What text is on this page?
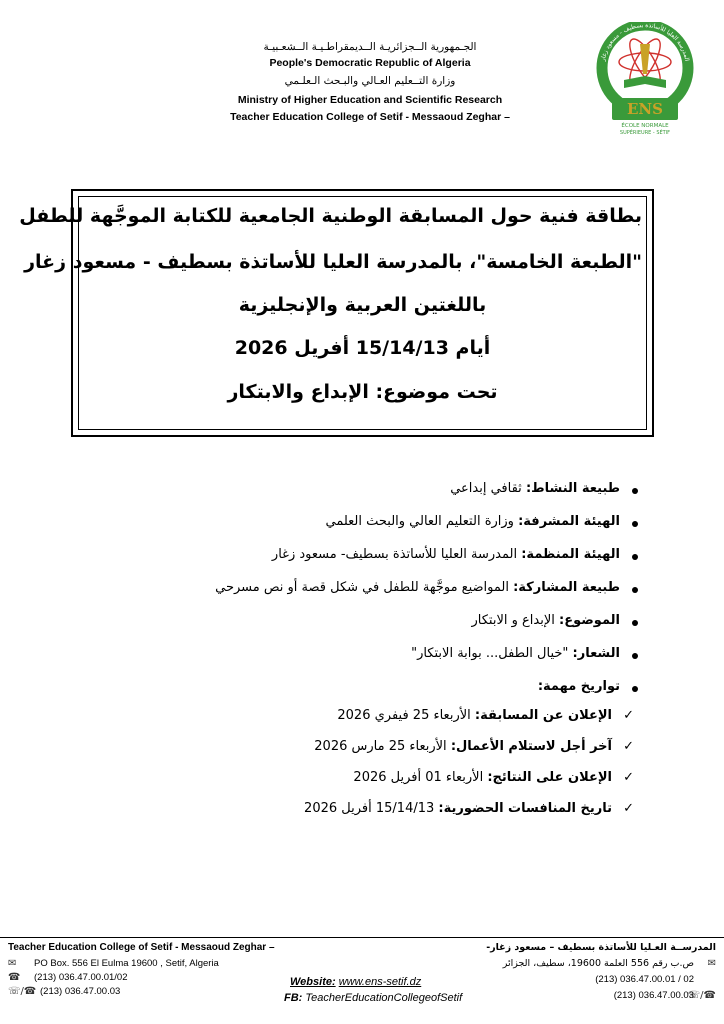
الجـمهورية الــجزائريـة الــديمقراطـيـة الــشعـبيـة
People's Democratic Republic of Algeria
وزارة التــعليم العـالي والبـحث الـعلـمي
Ministry of Higher Education and Scientific Research
Teacher Education College of Setif - Messaoud Zeghar –
المدرسة العليا للأساتذة بسطيف - مسعود زغار
ENS
ÉCOLE NORMALE
SUPÉRIEURE - SÉTIF
بطاقة فنية حول المسابقة الوطنية الجامعية للكتابة الموجَّهة للطفل
"الطبعة الخامسة"، بالمدرسة العليا للأساتذة بسطيف - مسعود زغار
باللغتين العربية والإنجليزية
أيام 15/14/13 أفريل 2026
تحت موضوع: الإبداع والابتكار
طبيعة النشاط: ثقافي إبداعي
الهيئة المشرفة: وزارة التعليم العالي والبحث العلمي
الهيئة المنظمة: المدرسة العليا للأساتذة بسطيف- مسعود زغار
طبيعة المشاركة: المواضيع موجَّهة للطفل في شكل قصة أو نص مسرحي
الموضوع: الإبداع و الابتكار
الشعار: "خيال الطفل... بوابة الابتكار"
تواريخ مهمة:
✓
الإعلان عن المسابقة: الأربعاء 25 فيفري 2026
✓
آخر أجل لاستلام الأعمال: الأربعاء 25 مارس 2026
✓
الإعلان على النتائج: الأربعاء 01 أفريل 2026
✓
تاريخ المنافسات الحضورية: 15/14/13 أفريل 2026
Teacher Education College of Setif - Messaoud Zeghar –
✉ PO Box. 556 El Eulma 19600 , Setif, Algeria
☎ (213) 036.47.00.01/02
☏/☎ (213) 036.47.00.03
Website: www.ens-setif.dz
FB: TeacherEducationCollegeofSetif
المدرســة العـليا للأساتذة بسطيف – مسعود زغار-
ص.ب رقم 556 العلمة 19600، سطيف، الجزائر ✉
(213) 036.47.00.01 / 02
(213) 036.47.00.03
☏/☎
